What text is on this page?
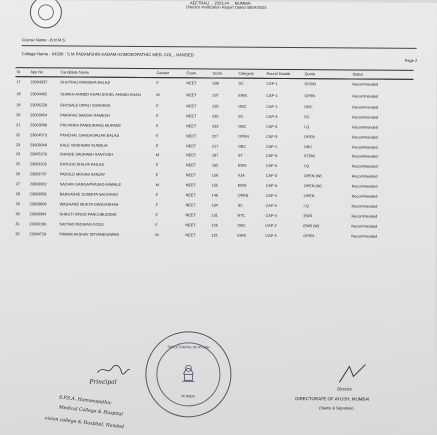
AEETRAU ... 2023-24 ... MUMBAI
Director Verification Report Dated 08/04/2024
Course Name - B.H.M.S.
College Name - 04336 : S M PADAMSHRI KADAM HOMOEOPATHIC MED. COL., NANDED
Page 2
Sr.	App No	Candidate Name	Gender	Exam.	Score	Category	Round Details	Quota	Status
17	23004337	DHOTRAJ MANISHA BALAJI	F	NEET	238	SC	CAP-1	SC(W)	Recommended
18	23004405	SHAIKH AHMED KHAN SOHEL AHMAD KHAN	M	NEET	237	EWS	CAP-1	OPEN	Recommended
19	23005228	BHOSALE DIPALI SUBHASH	F	NEET	235	OBC	CAP-1	OBC	Recommended
20	23003954	PAKHRAJ SAKSHI RAMESH	F	NEET	235	SC	CAP-3	SC	Recommended
21	23003588	PRIYANKA PANDURANG MUPADE	F	NEET	233	OBC	CAP-3	I.Q.	Recommended
22	23004573	PANCHAL GANGASAGAR BALAJI	F	NEET	227	OPEN	CAP-3	OPEN	Recommended
23	23003949	KALE VAISHNAVI KUNDLIK	F	NEET	217	OBC	CAP-1	OBC	Recommended
24	23005378	SHINDE SAURABH SANTOSH	M	NEET	187	ST	CAP-3	ST(W)	Recommended
25	23003105	RATHOD SHILPA KAILAS	F	NEET	165	EWS	CAP-4	I.Q.	Recommended
26	23003797	PADOLE MOHINI SANJAY	F	NEET	156	VJA	CAP-3	OPEN (W)	Recommended
27	23003962	SACHIN GANGAPRASAD KAWALE	M	NEET	155	EWS	CAP-4	OPEN (W)	Recommended
28	23003658	BARKARAE SUSMITA NAGORAO	F	NEET	146	OPEN	CAP-4	OPEN	Recommended
29	23003808	WAGHARE MUKTA GANGADHAR	F	NEET	134	SC	CAP-4	I.Q.	Recommended
30	23003964	SHRUTI VINOD PANCHBUDDHE	F	NEET	131	NTC	CAP-4	EWS	Recommended
31	23003190	SAYYAD MUSKAN GOUS	F	NEET	126	OBC	CAP-2	EWS (W)	Recommended
32	23004729	PAWAR AKSHAY DNYANESHWAR	M	NEET	119	EWS	CAP-3	OPEN	Recommended
DIRECTORATE OF AYUSH
MUMBAI
Principal
S.P.S.A. Homoeopathic
Medical College & Hospital
vision college & Hospital, Nanded
Director
DIRECTORATE OF AYUSH, MUMBAI
(Stamp & Signature)
